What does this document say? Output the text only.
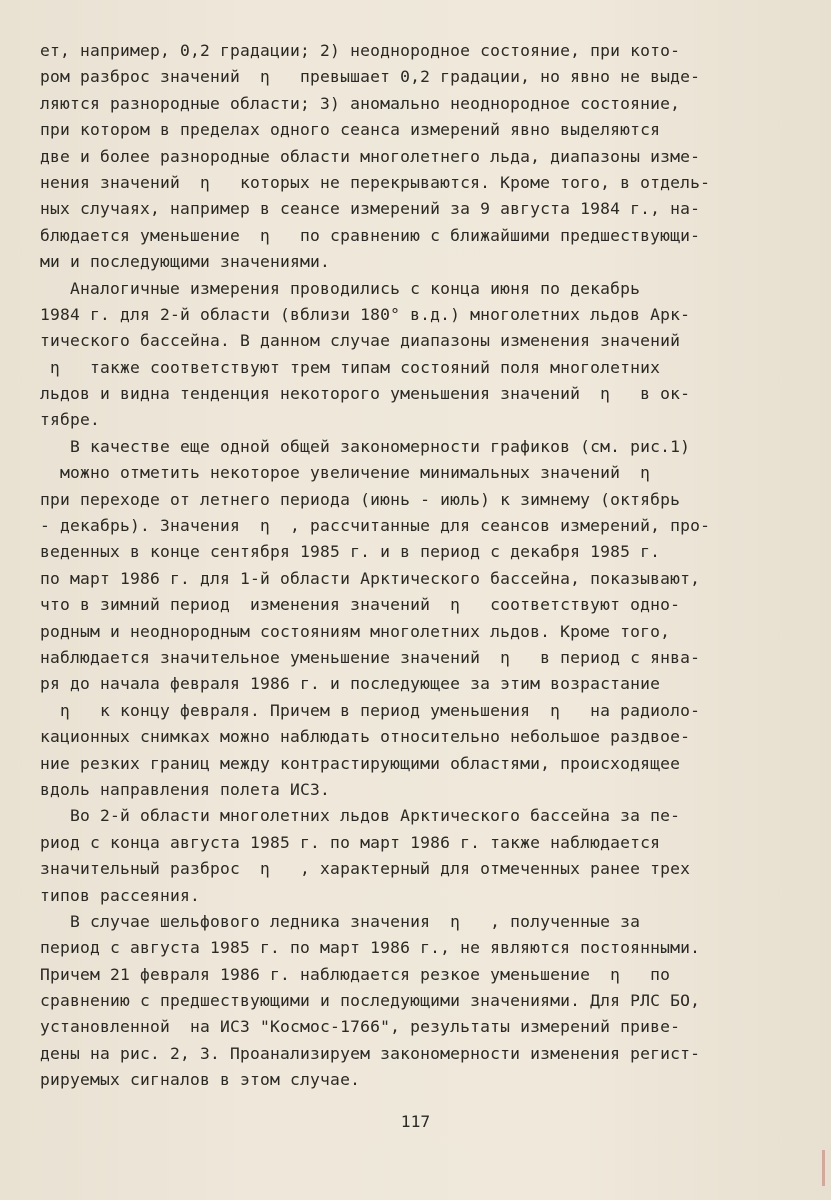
ет, например, 0,2 градации; 2) неоднородное состояние, при кото-
ром разброс значений  η   превышает 0,2 градации, но явно не выде-
ляются разнородные области; 3) аномально неоднородное состояние,
при котором в пределах одного сеанса измерений явно выделяются
две и более разнородные области многолетнего льда, диапазоны изме-
нения значений  η   которых не перекрываются. Кроме того, в отдель-
ных случаях, например в сеансе измерений за 9 августа 1984 г., на-
блюдается уменьшение  η   по сравнению с ближайшими предшествующи-
ми и последующими значениями.
Аналогичные измерения проводились с конца июня по декабрь
1984 г. для 2-й области (вблизи 180° в.д.) многолетних льдов Арк-
тического бассейна. В данном случае диапазоны изменения значений
η   также соответствуют трем типам состояний поля многолетних
льдов и видна тенденция некоторого уменьшения значений  η   в ок-
тябре.
В качестве еще одной общей закономерности графиков (см. рис.1)
можно отметить некоторое увеличение минимальных значений  η
при переходе от летнего периода (июнь - июль) к зимнему (октябрь
- декабрь). Значения  η  , рассчитанные для сеансов измерений, про-
веденных в конце сентября 1985 г. и в период с декабря 1985 г.
по март 1986 г. для 1-й области Арктического бассейна, показывают,
что в зимний период  изменения значений  η   соответствуют одно-
родным и неоднородным состояниям многолетних льдов. Кроме того,
наблюдается значительное уменьшение значений  η   в период с янва-
ря до начала февраля 1986 г. и последующее за этим возрастание
η   к концу февраля. Причем в период уменьшения  η   на радиоло-
кационных снимках можно наблюдать относительно небольшое раздвое-
ние резких границ между контрастирующими областями, происходящее
вдоль направления полета ИСЗ.
Во 2-й области многолетних льдов Арктического бассейна за пе-
риод с конца августа 1985 г. по март 1986 г. также наблюдается
значительный разброс  η   , характерный для отмеченных ранее трех
типов рассеяния.
В случае шельфового ледника значения  η   , полученные за
период с августа 1985 г. по март 1986 г., не являются постоянными.
Причем 21 февраля 1986 г. наблюдается резкое уменьшение  η   по
сравнению с предшествующими и последующими значениями. Для РЛС БО,
установленной  на ИСЗ "Космос-1766", результаты измерений приве-
дены на рис. 2, 3. Проанализируем закономерности изменения регист-
рируемых сигналов в этом случае.
117
